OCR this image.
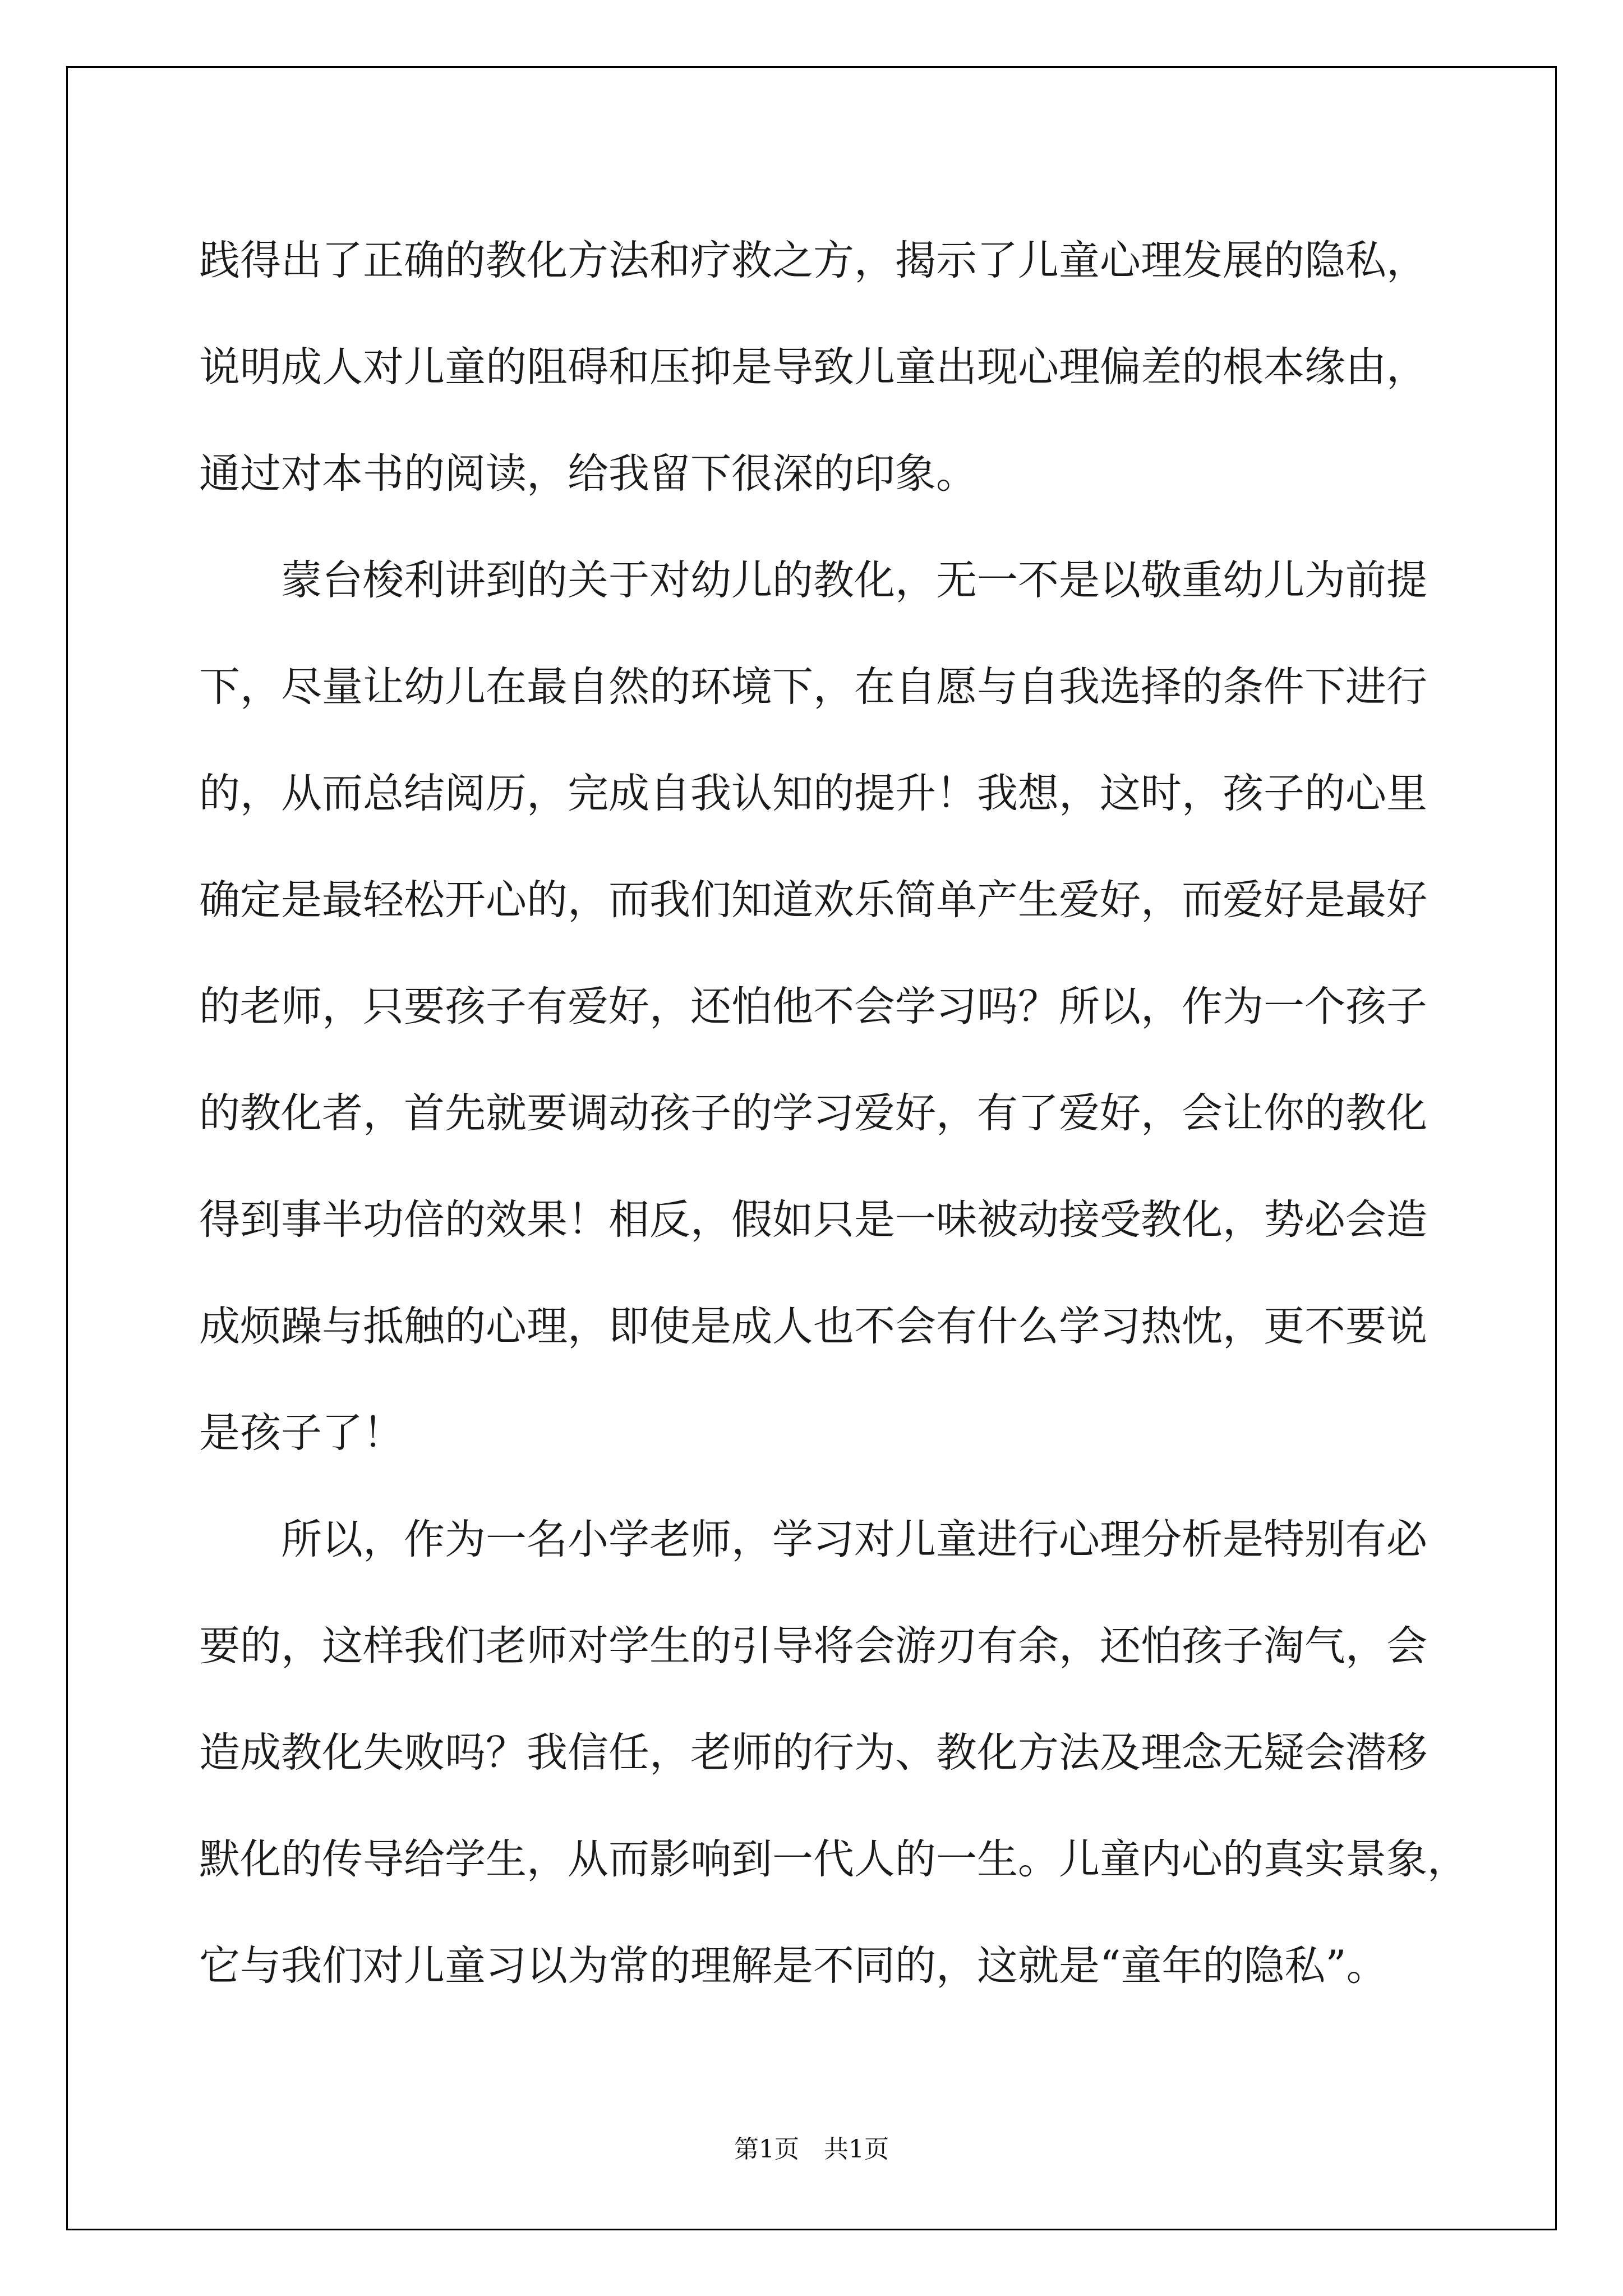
践得出了正确的教化方法和疗救之方，揭示了儿童心理发展的隐私，
说明成人对儿童的阻碍和压抑是导致儿童出现心理偏差的根本缘由，
通过对本书的阅读，给我留下很深的印象。
蒙台梭利讲到的关于对幼儿的教化，无一不是以敬重幼儿为前提
下，尽量让幼儿在最自然的环境下，在自愿与自我选择的条件下进行
的，从而总结阅历，完成自我认知的提升！我想，这时，孩子的心里
确定是最轻松开心的，而我们知道欢乐简单产生爱好，而爱好是最好
的老师，只要孩子有爱好，还怕他不会学习吗？所以，作为一个孩子
的教化者，首先就要调动孩子的学习爱好，有了爱好，会让你的教化
得到事半功倍的效果！相反，假如只是一味被动接受教化，势必会造
成烦躁与抵触的心理，即使是成人也不会有什么学习热忱，更不要说
是孩子了！
所以，作为一名小学老师，学习对儿童进行心理分析是特别有必
要的，这样我们老师对学生的引导将会游刃有余，还怕孩子淘气，会
造成教化失败吗？我信任，老师的行为、教化方法及理念无疑会潜移
默化的传导给学生，从而影响到一代人的一生。儿童内心的真实景象，
它与我们对儿童习以为常的理解是不同的，这就是“童年的隐私”。
第1页　共1页
